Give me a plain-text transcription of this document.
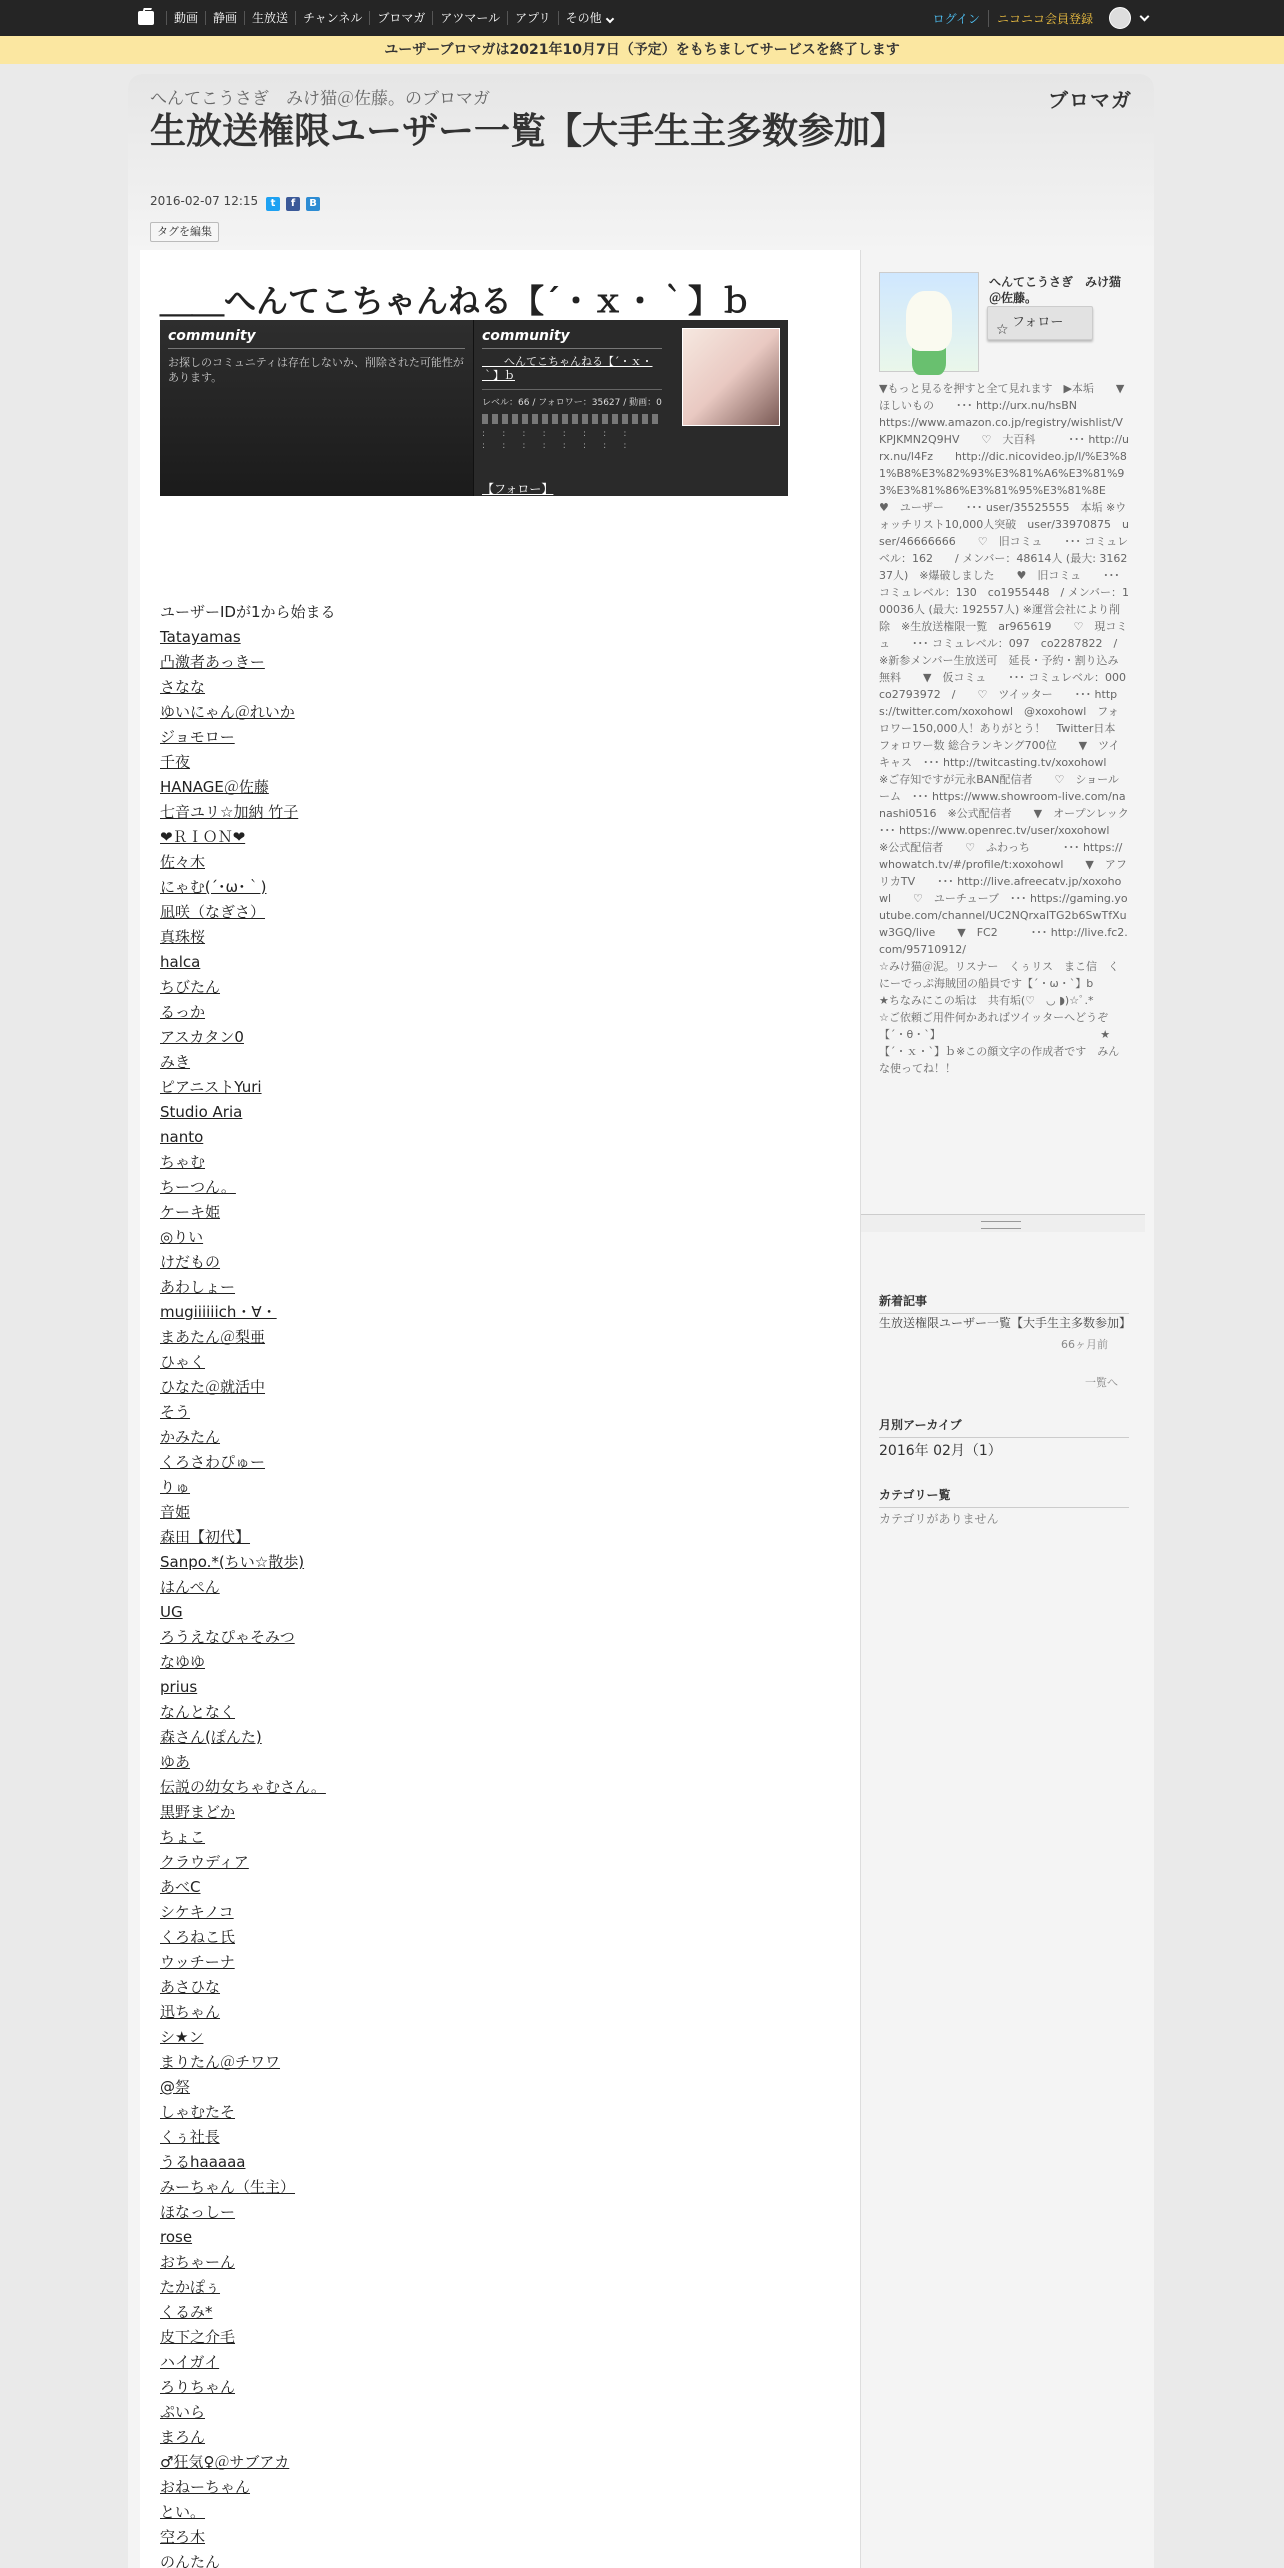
動画	静画	生放送	チャンネル	ブロマガ	アツマール	アプリ	その他	ログイン	ニコニコ会員登録
ユーザーブロマガは2021年10月7日（予定）をもちましてサービスを終了します
へんてこうさぎ　みけ猫＠佐藤。のブロマガ
生放送権限ユーザー一覧【大手生主多数参加】
2016-02-07 12:15	t	f	B
タグを編集
ブロマガ
＿＿へんてこちゃんねる【´・ｘ・｀】ｂ
community
お探しのコミュニティは存在しないか、削除された可能性があります。
community
＿＿へんてこちゃんねる【´・ｘ・｀】ｂ
レベル：66 / フォロワー：35627 / 動画：0
:      :      :      :      :      :      :      :
:      :      :      :      :      :      :      :
【フォロー】
ユーザーIDが1から始まる
Tatayamas
凸激者あっきー
さなな
ゆいにゃん＠れいか
ジョモロー
千夜
HANAGE＠佐藤
七音ユリ☆加納 竹子
❤ＲＩＯＮ❤
佐々木
にゃむ(´･ω･｀)
凪咲（なぎさ）
真珠桜
halca
ちびたん
るっか
アスカタン0
みき
ピアニストYuri
Studio Aria
nanto
ちゃむ
ちーつん。
ケーキ姫
◎りい
けだもの
あわしょー
mugiiiiiich・∀・
まあたん＠梨亜
ひゃく
ひなた＠就活中
そう
かみたん
くろさわぴゅー
りゅ
音姫
森田【初代】
Sanpo.*(ちい☆散歩)
はんぺん
UG
ろうえなぴゃそみつ
なゆゆ
prius
なんとなく
森さん(ぽんた)
ゆあ
伝説の幼女ちゃむさん。
黒野まどか
ちょこ
クラウディア
あべC
シケキノコ
くろねこ氏
ウッチーナ
あさひな
迅ちゃん
シ★ン
まりたん＠チワワ
@祭
しゃむたそ
くぅ社長
うるhaaaaa
みーちゃん（生主）
ほなっしー
rose
おちゃーん
たかぽぅ
くるみ*
皮下之介毛
ハイガイ
ろりちゃん
ぷいら
まろん
♂狂気♀＠サブアカ
おねーちゃん
とい。
空ろ木
のんたん
へんてこうさぎ　みけ猫＠佐藤。
☆ フォロー
▼もっと見るを押すと全て見れます　▶本垢　　▼　ほしいもの　　･･･ http://urx.nu/hsBN　　　　　　　https://www.amazon.co.jp/registry/wishlist/VKPJKMN2Q9HV　　♡　大百科　　　･･･ http://urx.nu/l4Fz　　http://dic.nicovideo.jp/l/%E3%81%B8%E3%82%93%E3%81%A6%E3%81%93%E3%81%86%E3%81%95%E3%81%8E　　♥　ユーザー　　･･･ user/35525555　本垢 ※ウォッチリスト10,000人突破　user/33970875　user/46666666　　♡　旧コミュ　　･･･ コミュレベル：162　　/ メンバー：48614人 (最大: 316237人)　※爆破しました　　♥　旧コミュ　　･･･ コミュレベル：130　co1955448　/ メンバー：100036人 (最大: 192557人) ※運営会社により削除　※生放送権限一覧　ar965619　　♡　現コミュ　　･･･ コミュレベル：097　co2287822　/ ※新参メンバー生放送可　延長・予約・割り込み無料　　▼　仮コミュ　　･･･ コミュレベル：000　co2793972　/　　♡　ツイッター　　･･･ https://twitter.com/xoxohowl　@xoxohowl　フォロワー150,000人！ありがとう！　Twitter日本 フォロワー数 総合ランキング700位　　▼　ツイキャス　･･･ http://twitcasting.tv/xoxohowl　　　　　※ご存知ですが元永BAN配信者　　♡　ショールーム　･･･ https://www.showroom-live.com/nanashi0516　※公式配信者　　▼　オープンレック ･･･ https://www.openrec.tv/user/xoxohowl　　　　※公式配信者　　♡　ふわっち　　　･･･ https://whowatch.tv/#/profile/t:xoxohowl　　▼　アフリカTV　　･･･ http://live.afreecatv.jp/xoxohowl　　♡　ユーチューブ　･･･ https://gaming.youtube.com/channel/UC2NQrxaITG2b6SwTfXuw3GQ/live　　▼　FC2　　　･･･ http://live.fc2.com/95710912/　　　　　　　　　　　　　　☆みけ猫＠泥。リスナー　くぅリス　まこ信　くにーでっぷ海賊団の船員です【´・ω・`】b　　　　　　　　　　　　　★ちなみにこの垢は　共有垢(♡　◡ ◗)☆ﾟ.*　　　　　　　　　　　　　　　☆ご依頼ご用件何かあればツイッターへどうぞ【´・θ・`】　　　　　　　　　　　　　　　★【´・ｘ・`】ｂ※この顔文字の作成者です　みんな使ってね！！
新着記事
生放送権限ユーザー一覧【大手生主多数参加】
66ヶ月前
一覧へ
月別アーカイブ
2016年 02月（1）
カテゴリー覧
カテゴリがありません
